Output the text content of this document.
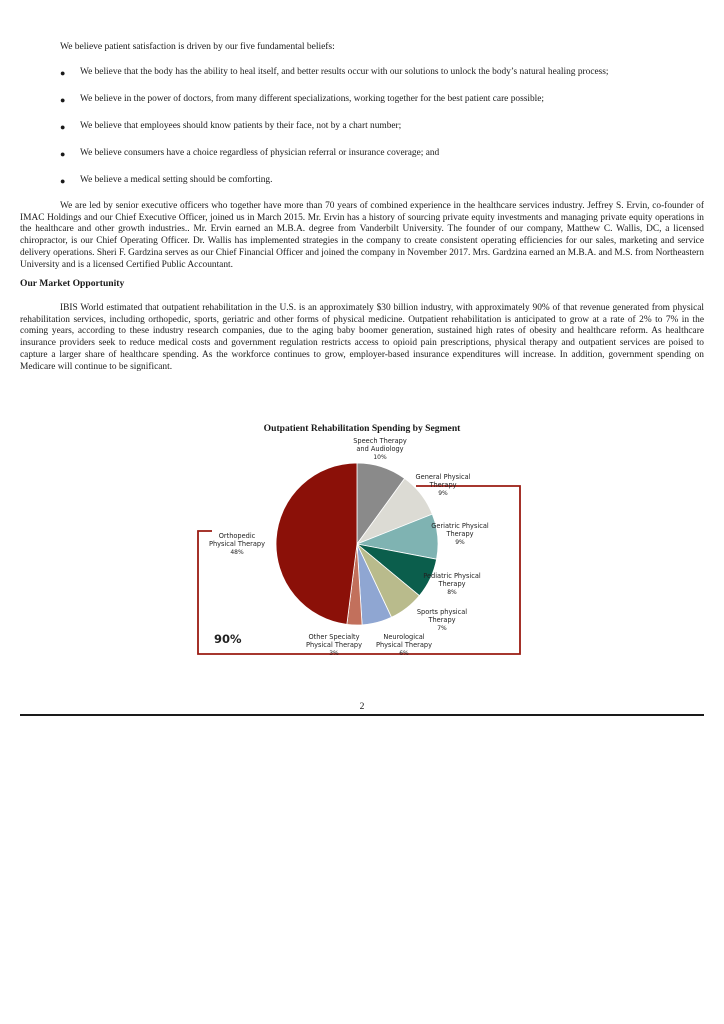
We believe patient satisfaction is driven by our five fundamental beliefs:
● We believe that the body has the ability to heal itself, and better results occur with our solutions to unlock the body’s natural healing process;
● We believe in the power of doctors, from many different specializations, working together for the best patient care possible;
● We believe that employees should know patients by their face, not by a chart number;
● We believe consumers have a choice regardless of physician referral or insurance coverage; and
● We believe a medical setting should be comforting.

We are led by senior executive officers who together have more than 70 years of combined experience in the healthcare services industry. Jeffrey S. Ervin, co-founder of IMAC Holdings and our Chief Executive Officer, joined us in March 2015. Mr. Ervin has a history of sourcing private equity investments and managing private equity operations in the healthcare and other growth industries.. Mr. Ervin earned an M.B.A. degree from Vanderbilt University. The founder of our company, Matthew C. Wallis, DC, a licensed chiropractor, is our Chief Operating Officer. Dr. Wallis has implemented strategies in the company to create consistent operating efficiencies for our sales, marketing and service delivery operations. Sheri F. Gardzina serves as our Chief Financial Officer and joined the company in November 2017. Mrs. Gardzina earned an M.B.A. and M.S. from Northeastern University and is a licensed Certified Public Accountant.

Our Market Opportunity

IBIS World estimated that outpatient rehabilitation in the U.S. is an approximately $30 billion industry, with approximately 90% of that revenue generated from physical rehabilitation services, including orthopedic, sports, geriatric and other forms of physical medicine. Outpatient rehabilitation is anticipated to grow at a rate of 2% to 7% in the coming years, according to these industry research companies, due to the aging baby boomer generation, sustained high rates of obesity and healthcare reform. As healthcare insurance providers seek to reduce medical costs and government regulation restricts access to opioid pain prescriptions, physical therapy and outpatient services are poised to capture a larger share of healthcare spending. As the workforce continues to grow, employer-based insurance expenditures will increase. In addition, government spending on Medicare will continue to be significant.

Outpatient Rehabilitation Spending by Segment
90%
Speech Therapy
and Audiology
10%
General Physical
Therapy
9%
Geriatric Physical
Therapy
9%
Pediatric Physical
Therapy
8%
Sports physical
Therapy
7%
Neurological
Physical Therapy
6%
Other Specialty
Physical Therapy
3%
Orthopedic
Physical Therapy
48%
2
